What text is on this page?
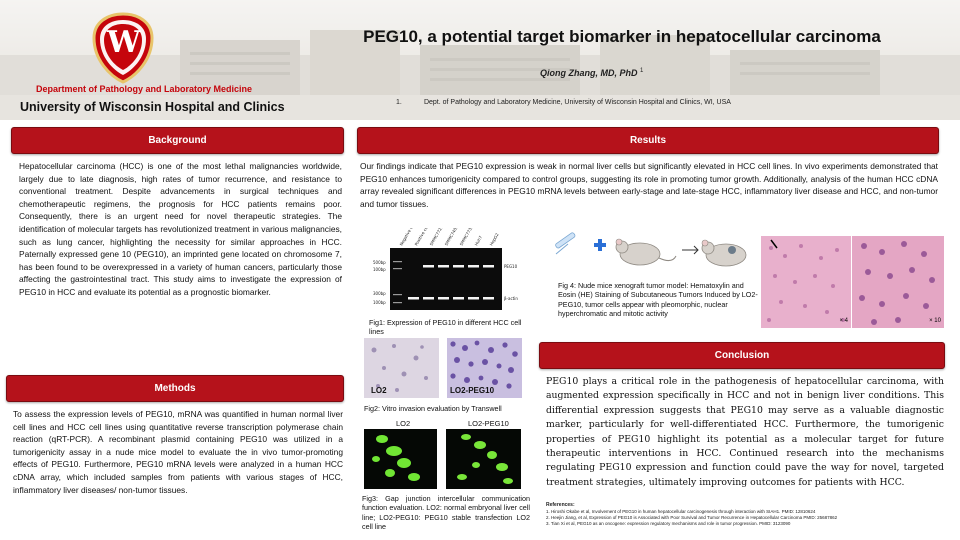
W
Department of Pathology and Laboratory Medicine
University of Wisconsin Hospital and Clinics
PEG10, a potential target biomarker in hepatocellular carcinoma
Qiong Zhang, MD, PhD $^1$
1.	Dept. of Pathology and Laboratory Medicine, University of Wisconsin Hospital and Clinics, WI, USA
Background
Hepatocellular carcinoma (HCC) is one of the most lethal malignancies worldwide, largely due to late diagnosis, high rates of tumor recurrence, and resistance to conventional treatment. Despite advancements in surgical techniques and chemotherapeutic regimens, the prognosis for HCC patients remains poor. Consequently, there is an urgent need for novel therapeutic strategies. The identification of molecular targets has revolutionized treatment in various malignancies, such as lung cancer, highlighting the necessity for similar approaches in HCC. Paternally expressed gene 10 (PEG10), an imprinted gene located on chromosome 7, has been found to be overexpressed in a variety of human cancers, particularly those affecting the gastrointestinal tract. This study aims to investigate the expression of PEG10 in HCC and evaluate its potential as a prognostic biomarker.
Methods
To assess the expression levels of PEG10, mRNA was quantified in human normal liver cell lines and HCC cell lines using quantitative reverse transcription polymerase chain reaction (qRT-PCR). A recombinant plasmid containing PEG10 was utilized in a tumorigenicity assay in a nude mice model to evaluate the in vivo tumor-promoting effects of PEG10. Furthermore, PEG10 mRNA levels were analyzed in a human HCC cDNA array, which included samples from patients with various stages of HCC, inflammatory liver diseases/ non-tumor tissues.
Results
Our findings indicate that PEG10 expression is weak in normal liver cells but significantly elevated in HCC cell lines. In vivo experiments demonstrated that PEG10 enhances tumorigenicity compared to control groups, suggesting its role in promoting tumor growth. Additionally, analysis of the human HCC cDNA array revealed significant differences in PEG10 mRNA levels between early-stage and late-stage HCC, inflammatory liver disease and HCC, and non-tumor and tumor tissues.
SMMC7721 SMMC7402 SMMC7733 Huh7 HepG2
500bp
100bp
300bp
100bp
PEG10
β-actin
Fig1: Expression of PEG10 in different HCC cell lines
LO2	LO2-PEG10
Fig2: Vitro invasion evaluation by Transwell
LO2	LO2-PEG10
Fig3: Gap junction intercellular communication function evaluation. LO2: normal embryonal liver cell line; LO2-PEG10: PEG10 stable transfection LO2 cell line
Fig 4: Nude mice xenograft tumor model: Hematoxylin and Eosin (HE) Staining of Subcutaneous Tumors Induced by LO2-PEG10, tumor cells appear with pleomorphic, nuclear hyperchromatic and mitotic activity
× 4	× 10
Conclusion
PEG10 plays a critical role in the pathogenesis of hepatocellular carcinoma, with augmented expression specifically in HCC and not in benign liver conditions. This differential expression suggests that PEG10 may serve as a valuable diagnostic marker, particularly for well-differentiated HCC. Furthermore, the tumorigenic properties of PEG10 highlight its potential as a molecular target for future therapeutic interventions in HCC. Continued research into the mechanisms regulating PEG10 expression and function could pave the way for novel, targeted treatment strategies, ultimately improving outcomes for patients with HCC.
References:
1. Hiroshi Okabe et al, Involvement of PEG10 in human hepatocellular carcinogenesis through interaction with SIAH1. PMID: 12810624
2. Heejin Jiang, et al, Expression of PEG10 is Associated with Poor Survival and Tumor Recurrence in Hepatocellular Carcinoma PMID: 25687862
3. Tian Xi et al, PEG10 as an oncogene: expression regulatory mechanisms and role in tumor progression. PMID: 3123090
